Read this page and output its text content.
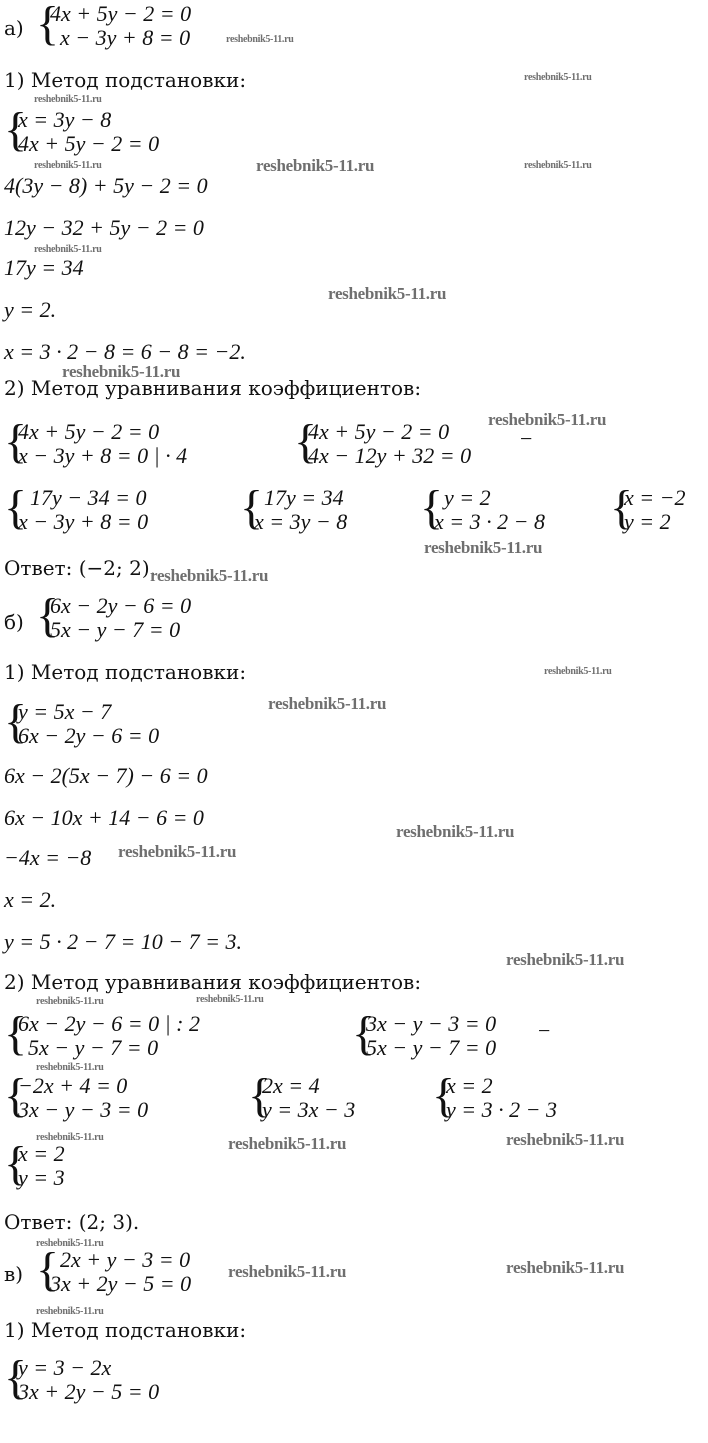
а) {
4x + 5y − 2 = 0
x − 3y + 8 = 0
1) Метод подстановки:
{
x = 3y − 8
4x + 5y − 2 = 0
4(3y − 8) + 5y − 2 = 0
12y − 32 + 5y − 2 = 0
17y = 34
y = 2.
x = 3 · 2 − 8 = 6 − 8 = −2.
2) Метод уравнивания коэффициентов:
{
4x + 5y − 2 = 0
x − 3y + 8 = 0 | · 4 {
4x + 5y − 2 = 0
4x − 12y + 32 = 0
−
{ 17y − 34 = 0
x − 3y + 8 = 0 { 17y = 34
x = 3y − 8 { y = 2
x = 3 · 2 − 8 {
x = −2
y = 2
Ответ: (−2; 2).
б) {
6x − 2y − 6 = 0
5x − y − 7 = 0
1) Метод подстановки:
{
y = 5x − 7
6x − 2y − 6 = 0
6x − 2(5x − 7) − 6 = 0
6x − 10x + 14 − 6 = 0
−4x = −8
x = 2.
y = 5 · 2 − 7 = 10 − 7 = 3.
2) Метод уравнивания коэффициентов:
{
6x − 2y − 6 = 0 | : 2
5x − y − 7 = 0	{
3x − y − 3 = 0
5x − y − 7 = 0
−
{
−2x + 4 = 0
3x − y − 3 = 0 {
2x = 4
y = 3x − 3 {
x = 2
y = 3 · 2 − 3
{
x = 2
y = 3
Ответ: (2; 3).
в) { 2x + y − 3 = 0
3x + 2y − 5 = 0
1) Метод подстановки:
{
y = 3 − 2x
3x + 2y − 5 = 0
reshebnik5-11.ru
reshebnik5-11.ru
reshebnik5-11.ru
reshebnik5-11.ru	reshebnik5-11.ru	reshebnik5-11.ru
reshebnik5-11.ru
reshebnik5-11.ru
reshebnik5-11.ru
reshebnik5-11.ru
reshebnik5-11.ru
reshebnik5-11.ru
reshebnik5-11.ru
reshebnik5-11.ru
reshebnik5-11.ru
reshebnik5-11.ru
reshebnik5-11.ru
reshebnik5-11.ru	reshebnik5-11.ru
reshebnik5-11.ru
reshebnik5-11.ru	reshebnik5-11.ru	reshebnik5-11.ru
reshebnik5-11.ru
reshebnik5-11.ru	reshebnik5-11.ru
reshebnik5-11.ru
